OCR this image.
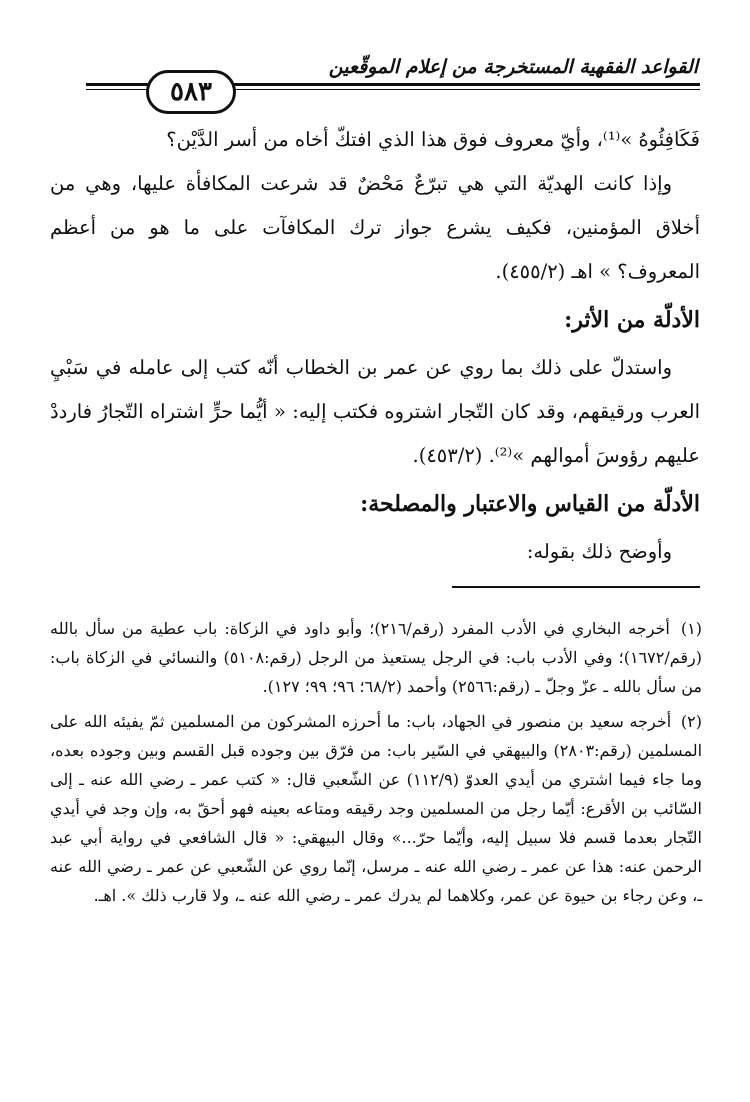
القواعد الفقهية المستخرجة من إعلام الموقّعين
٥٨٣

فَكَافِئُوهُ »⁽¹⁾، وأيّ معروف فوق هذا الذي افتكّ أخاه من أسر الدَّيْن؟

وإذا كانت الهديّة التي هي تبرّعٌ مَحْضٌ قد شرعت المكافأة عليها، وهي من أخلاق المؤمنين، فكيف يشرع جواز ترك المكافآت على ما هو من أعظم المعروف؟ » اهـ (٤٥٥/٢).

الأدلّة من الأثر:

واستدلّ على ذلك بما روي عن عمر بن الخطاب أنّه كتب إلى عامله في سَبْيِ العرب ورقيقهم، وقد كان التّجار اشتروه فكتب إليه: « أيُّما حرٍّ اشتراه التّجارُ فارددْ عليهم رؤوسَ أموالهم »⁽²⁾. (٤٥٣/٢).

الأدلّة من القياس والاعتبار والمصلحة:

وأوضح ذلك بقوله:

(١) أخرجه البخاري في الأدب المفرد (رقم/٢١٦)؛ وأبو داود في الزكاة: باب عطية من سأل بالله (رقم/١٦٧٢)؛ وفي الأدب باب: في الرجل يستعيذ من الرجل (رقم:٥١٠٨) والنسائي في الزكاة باب: من سأل بالله ـ عزّ وجلّ ـ (رقم:٢٥٦٦) وأحمد (٦٨/٢؛ ٩٦؛ ٩٩؛ ١٢٧).

(٢) أخرجه سعيد بن منصور في الجهاد، باب: ما أحرزه المشركون من المسلمين ثمّ يفيئه الله على المسلمين (رقم:٢٨٠٣) والبيهقي في السّير باب: من فرّق بين وجوده قبل القسم وبين وجوده بعده، وما جاء فيما اشتري من أيدي العدوّ (١١٢/٩) عن الشّعبي قال: « كتب عمر ـ رضي الله عنه ـ إلى السّائب بن الأقرع: أيّما رجل من المسلمين وجد رقيقه ومتاعه بعينه فهو أحقّ به، وإن وجد في أيدي التّجار بعدما قسم فلا سبيل إليه، وأيّما حرّ...» وقال البيهقي: « قال الشافعي في رواية أبي عبد الرحمن عنه: هذا عن عمر ـ رضي الله عنه ـ مرسل، إنّما روي عن الشّعبي عن عمر ـ رضي الله عنه ـ، وعن رجاء بن حيوة عن عمر، وكلاهما لم يدرك عمر ـ رضي الله عنه ـ، ولا قارب ذلك ». اهـ.
